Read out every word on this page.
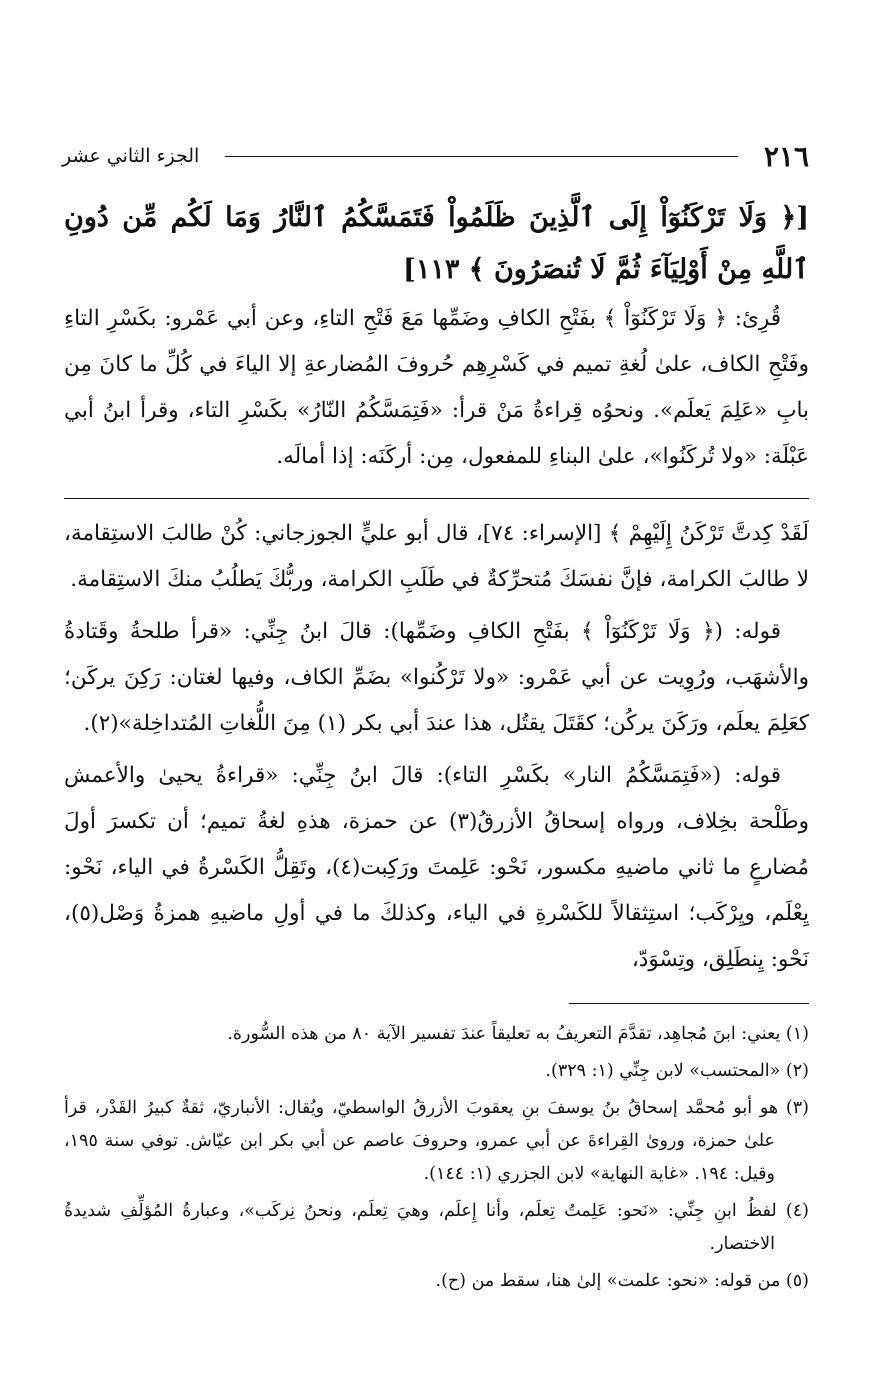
٢١٦
الجزء الثاني عشر
[﴿ وَلَا تَرْكَنُوٓاْ إِلَى ٱلَّذِينَ ظَلَمُواْ فَتَمَسَّكُمُ ٱلنَّارُ وَمَا لَكُم مِّن دُونِ ٱللَّهِ مِنْ أَوْلِيَآءَ ثُمَّ لَا تُنصَرُونَ ﴾ ١١٣]

قُرِئ: ﴿ وَلَا تَرْكَنُوٓاْ ﴾ بفَتْحِ الكافِ وضَمِّها مَعَ فَتْحِ التاءِ، وعن أبي عَمْرو: بكَسْرِ التاءِ وفَتْحِ الكاف، علىٰ لُغةِ تميم في كَسْرِهِم حُروفَ المُضارعةِ إلا الياءَ في كُلِّ ما كانَ مِن بابِ «عَلِمَ يَعلَم». ونحوُه قِراءةُ مَنْ قرأ: «فَتِمَسَّكُمُ النّارُ» بكَسْرِ التاء، وقرأ ابنُ أبي عَبْلَة: «ولا تُركَنُوا»، علىٰ البناءِ للمفعول، مِن: أركَنَه: إذا أمالَه.

لَقَدْ كِدتَّ تَرْكَنُ إِلَيْهِمْ ﴾ [الإسراء: ٧٤]، قال أبو عليٍّ الجوزجاني: كُنْ طالبَ الاستِقامة، لا طالبَ الكرامة، فإنَّ نفسَكَ مُتحرِّكةٌ في طَلَبِ الكرامة، وربُّكَ يَطلُبُ منكَ الاستِقامة.

قوله: (﴿ وَلَا تَرْكَنُوٓاْ ﴾ بفَتْحِ الكافِ وضَمِّها): قالَ ابنُ جِنِّي: «قرأ طلحةُ وقَتادةُ والأشهَب، ورُوِيت عن أبي عَمْرو: «ولا تَرْكُنوا» بضَمِّ الكاف، وفيها لغتان: رَكِنَ يركَن؛ كعَلِمَ يعلَم، ورَكَنَ يركُن؛ كقَتَلَ يقتُل، هذا عندَ أبي بكر (١) مِنَ اللُّغاتِ المُتداخِلة»(٢).

قوله: («فَتِمَسَّكُمُ النار» بكَسْرِ التاء): قالَ ابنُ جِنِّي: «قراءةُ يحيىٰ والأعمش وطَلْحة بخِلاف، ورواه إسحاقُ الأزرقُ(٣) عن حمزة، هذهِ لغةُ تميم؛ أن تكسرَ أولَ مُضارعٍ ما ثاني ماضيهِ مكسور، نَحْو: عَلِمتَ ورَكِبت(٤)، وتَقِلُّ الكَسْرةُ في الياء، نَحْو: يِعْلَم، ويِرْكَب؛ استِثقالاً للكَسْرةِ في الياء، وكذلكَ ما في أولِ ماضيهِ همزةُ وَصْل(٥)، نَحْو: يِنطَلِق، وتِسْوَدّ،

(١) يعني: ابنَ مُجاهِد، تقدَّمَ التعريفُ به تعليقاً عندَ تفسير الآية ٨٠ من هذه السُّورة.

(٢) «المحتسب» لابن جِنِّي (١: ٣٢٩).

(٣) هو أبو مُحمَّد إسحاقُ بنُ يوسفَ بنِ يعقوبَ الأزرقُ الواسطيّ، ويُقال: الأنباريّ، ثقةٌ كبيرُ القَدْر، قرأ علىٰ حمزة، وروىٰ القِراءةَ عن أبي عمرو، وحروفَ عاصم عن أبي بكر ابن عيّاش. توفي سنة ١٩٥، وقيل: ١٩٤. «غاية النهاية» لابن الجزري (١: ١٤٤).

(٤) لفظُ ابنِ جِنِّي: «نَحو: عَلِمتُ تِعلَم، وأنا إِعلَم، وهيَ تِعلَم، ونحنُ نِركَب»، وعبارةُ المُؤلِّفِ شديدةُ الاختصار.

(٥) من قوله: «نحو: علمت» إلىٰ هنا، سقط من (ح).
